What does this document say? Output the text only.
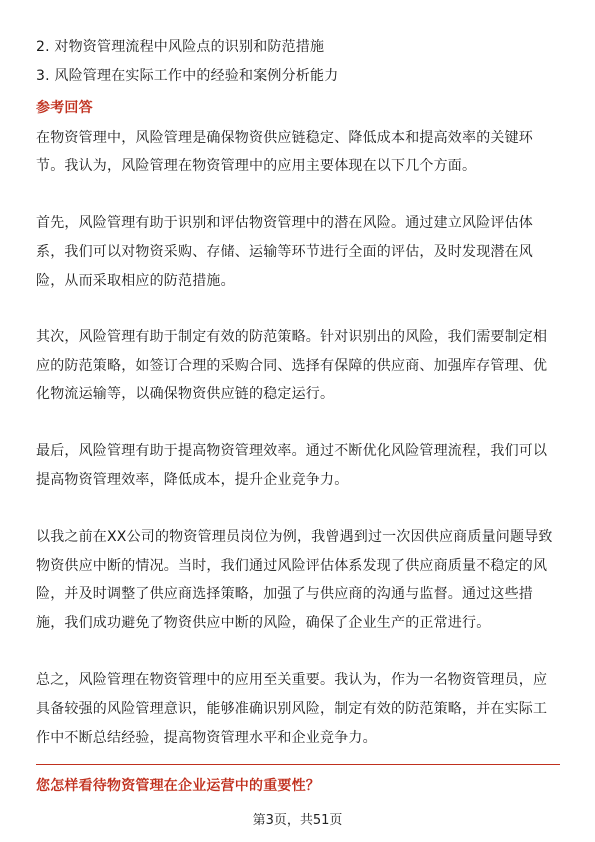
2. 对物资管理流程中风险点的识别和防范措施
3. 风险管理在实际工作中的经验和案例分析能力
参考回答
在物资管理中，风险管理是确保物资供应链稳定、降低成本和提高效率的关键环
节。我认为，风险管理在物资管理中的应用主要体现在以下几个方面。
首先，风险管理有助于识别和评估物资管理中的潜在风险。通过建立风险评估体
系，我们可以对物资采购、存储、运输等环节进行全面的评估，及时发现潜在风
险，从而采取相应的防范措施。
其次，风险管理有助于制定有效的防范策略。针对识别出的风险，我们需要制定相
应的防范策略，如签订合理的采购合同、选择有保障的供应商、加强库存管理、优
化物流运输等，以确保物资供应链的稳定运行。
最后，风险管理有助于提高物资管理效率。通过不断优化风险管理流程，我们可以
提高物资管理效率，降低成本，提升企业竞争力。
以我之前在XX公司的物资管理员岗位为例，我曾遇到过一次因供应商质量问题导致
物资供应中断的情况。当时，我们通过风险评估体系发现了供应商质量不稳定的风
险，并及时调整了供应商选择策略，加强了与供应商的沟通与监督。通过这些措
施，我们成功避免了物资供应中断的风险，确保了企业生产的正常进行。
总之，风险管理在物资管理中的应用至关重要。我认为，作为一名物资管理员，应
具备较强的风险管理意识，能够准确识别风险，制定有效的防范策略，并在实际工
作中不断总结经验，提高物资管理水平和企业竞争力。
您怎样看待物资管理在企业运营中的重要性？
第3页，共51页
